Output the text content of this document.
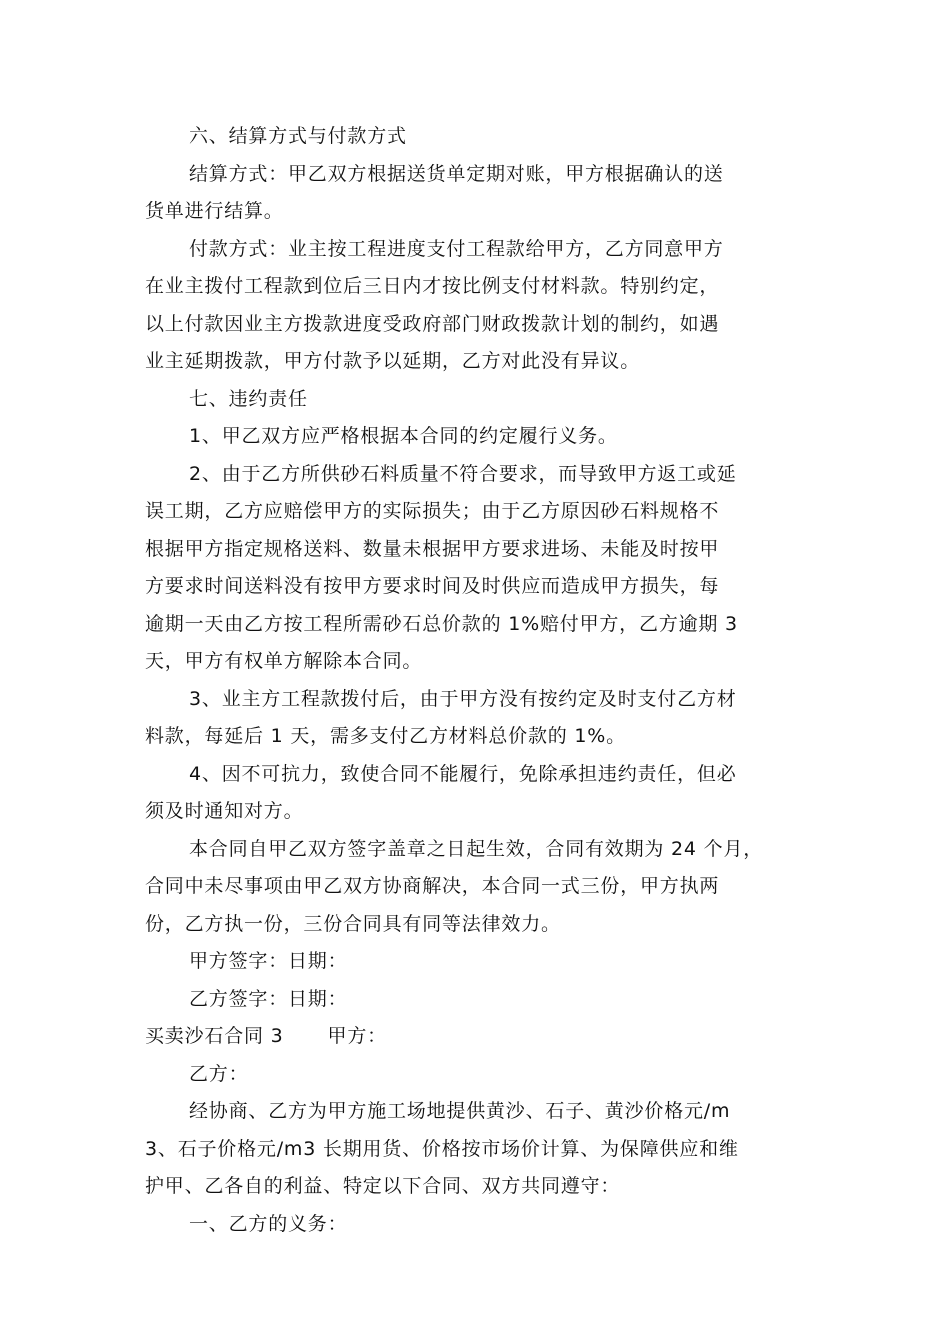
六、结算方式与付款方式
结算方式：甲乙双方根据送货单定期对账，甲方根据确认的送
货单进行结算。
付款方式：业主按工程进度支付工程款给甲方，乙方同意甲方
在业主拨付工程款到位后三日内才按比例支付材料款。特别约定，
以上付款因业主方拨款进度受政府部门财政拨款计划的制约，如遇
业主延期拨款，甲方付款予以延期，乙方对此没有异议。
七、违约责任
1、甲乙双方应严格根据本合同的约定履行义务。
2、由于乙方所供砂石料质量不符合要求，而导致甲方返工或延
误工期，乙方应赔偿甲方的实际损失；由于乙方原因砂石料规格不
根据甲方指定规格送料、数量未根据甲方要求进场、未能及时按甲
方要求时间送料没有按甲方要求时间及时供应而造成甲方损失，每
逾期一天由乙方按工程所需砂石总价款的 1%赔付甲方，乙方逾期 3
天，甲方有权单方解除本合同。
3、业主方工程款拨付后，由于甲方没有按约定及时支付乙方材
料款，每延后 1 天，需多支付乙方材料总价款的 1%。
4、因不可抗力，致使合同不能履行，免除承担违约责任，但必
须及时通知对方。
本合同自甲乙双方签字盖章之日起生效，合同有效期为 24 个月，
合同中未尽事项由甲乙双方协商解决，本合同一式三份，甲方执两
份，乙方执一份，三份合同具有同等法律效力。
甲方签字：日期：
乙方签字：日期：
买卖沙石合同 3 甲方：
乙方：
经协商、乙方为甲方施工场地提供黄沙、石子、黄沙价格元/m
3、石子价格元/m3 长期用货、价格按市场价计算、为保障供应和维
护甲、乙各自的利益、特定以下合同、双方共同遵守：
一、乙方的义务：
